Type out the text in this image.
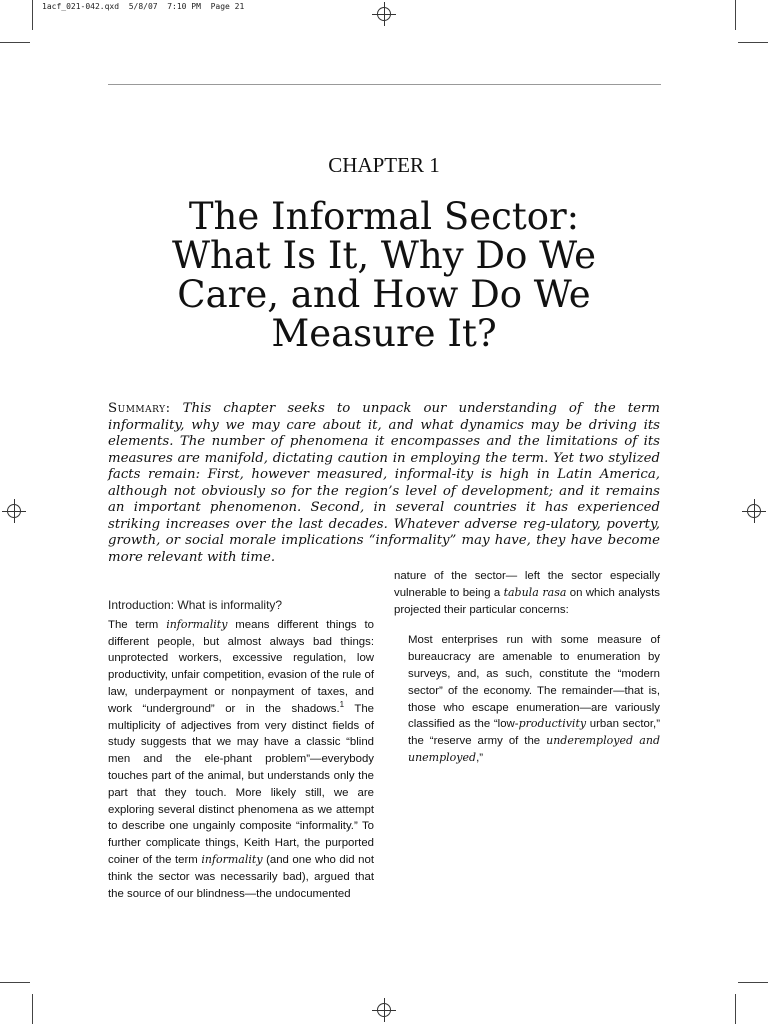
1acf_021-042.qxd  5/8/07  7:10 PM  Page 21
CHAPTER 1
The Informal Sector:
What Is It, Why Do We
Care, and How Do We
Measure It?
Summary: This chapter seeks to unpack our understanding of the term informality, why we may care about it, and what dynamics may be driving its elements. The number of phenomena it encompasses and the limitations of its measures are manifold, dictating caution in employing the term. Yet two stylized facts remain: First, however measured, informal-ity is high in Latin America, although not obviously so for the region’s level of development; and it remains an important phenomenon. Second, in several countries it has experienced striking increases over the last decades. Whatever adverse reg-ulatory, poverty, growth, or social morale implications “informality” may have, they have become more relevant with time.
Introduction: What is informality?
The term informality means different things to different people, but almost always bad things: unprotected workers, excessive regulation, low productivity, unfair competition, evasion of the rule of law, underpayment or nonpayment of taxes, and work “underground” or in the shadows.$^1$ The multiplicity of adjectives from very distinct fields of study suggests that we may have a classic “blind men and the ele-phant problem”—everybody touches part of the animal, but understands only the part that they touch. More likely still, we are exploring several distinct phenomena as we attempt to describe one ungainly composite “informality.” To further complicate things, Keith Hart, the purported coiner of the term informality (and one who did not think the sector was necessarily bad), argued that the source of our blindness—the undocumented
nature of the sector— left the sector especially vulnerable to being a tabula rasa on which analysts projected their particular concerns:
Most enterprises run with some measure of bureaucracy are amenable to enumeration by surveys, and, as such, constitute the “modern sector” of the economy. The remainder—that is, those who escape enumeration—are variously classified as the “low-productivity urban sector,” the “reserve army of the underemployed and unemployed,”
